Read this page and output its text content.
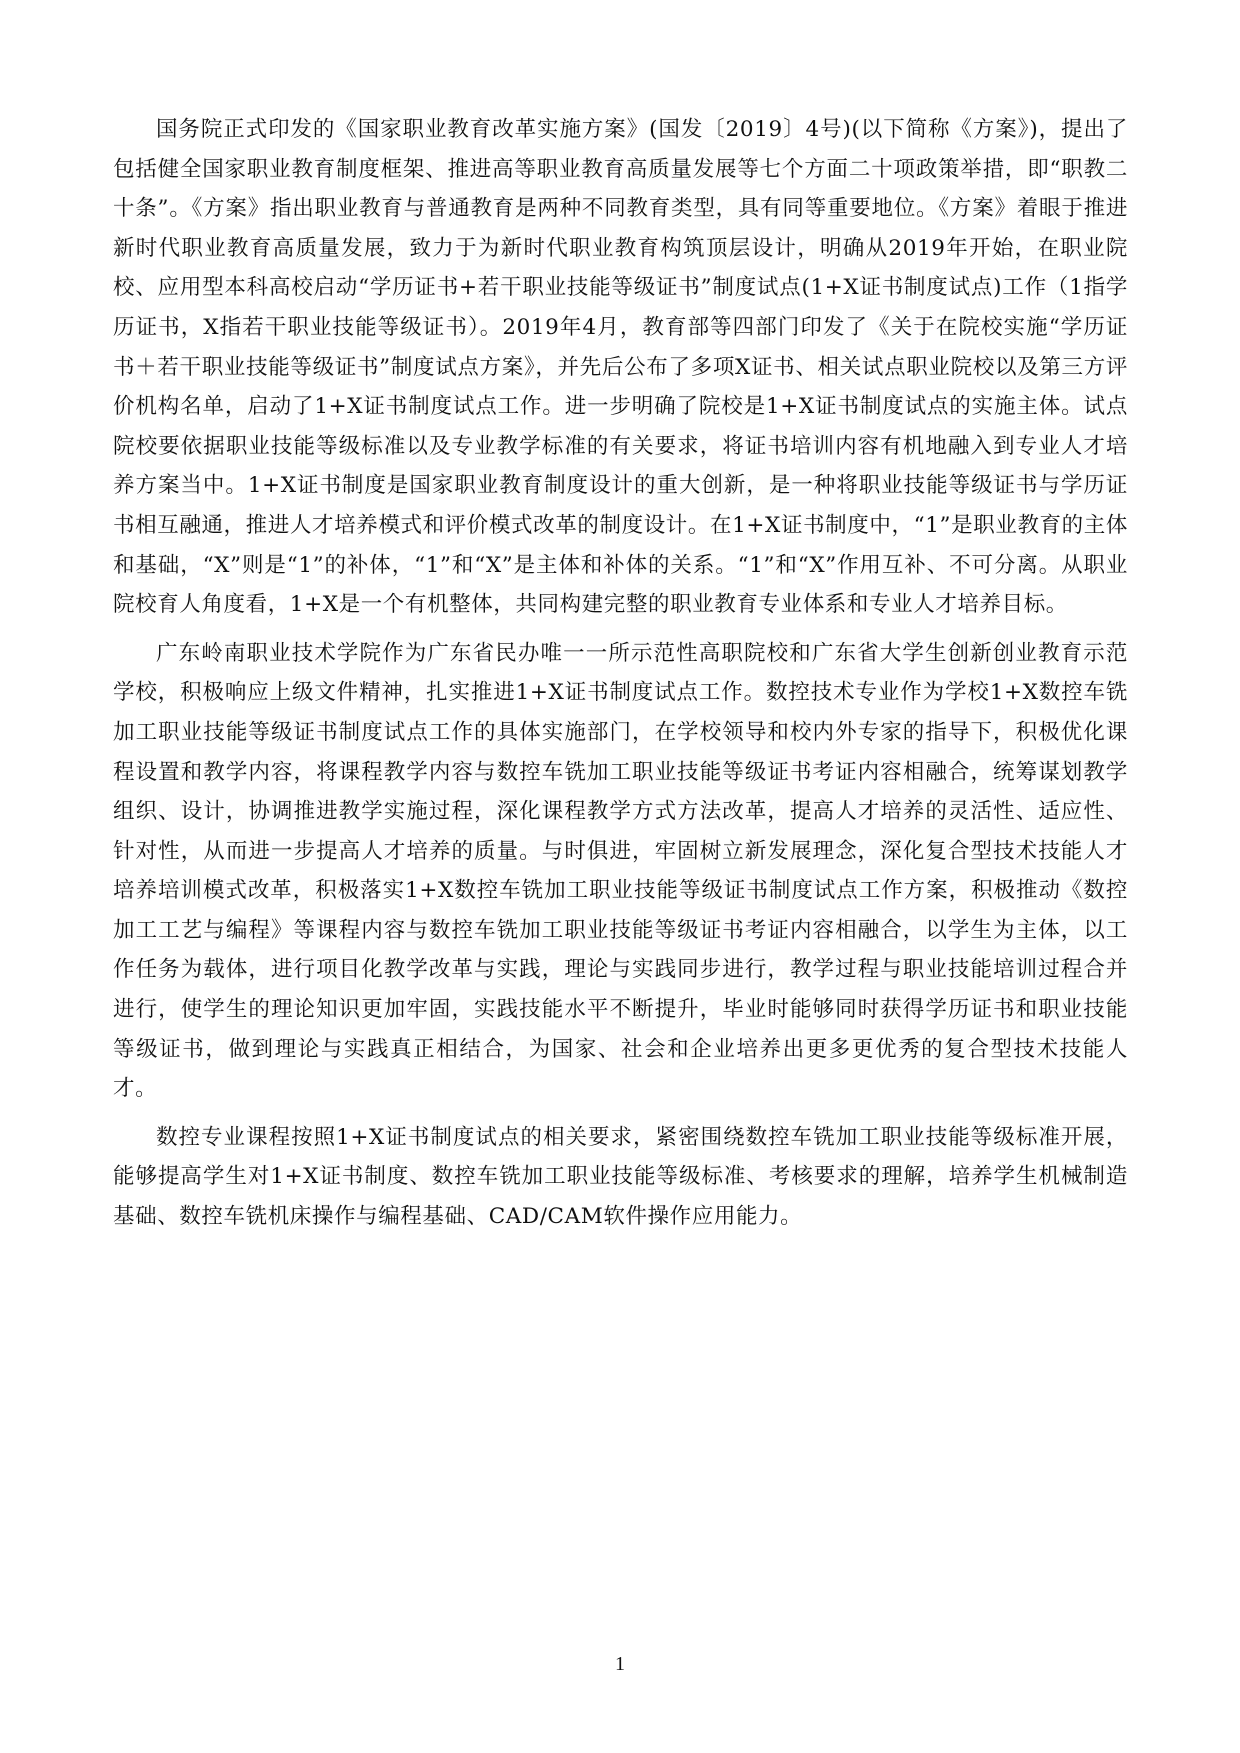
国务院正式印发的《国家职业教育改革实施方案》(国发〔2019〕4号)(以下简称《方案》)，提出了包括健全国家职业教育制度框架、推进高等职业教育高质量发展等七个方面二十项政策举措，即“职教二十条”。《方案》指出职业教育与普通教育是两种不同教育类型，具有同等重要地位。《方案》着眼于推进新时代职业教育高质量发展，致力于为新时代职业教育构筑顶层设计，明确从2019年开始，在职业院校、应用型本科高校启动“学历证书+若干职业技能等级证书”制度试点(1+X证书制度试点)工作（1指学历证书，X指若干职业技能等级证书）。2019年4月，教育部等四部门印发了《关于在院校实施“学历证书＋若干职业技能等级证书”制度试点方案》，并先后公布了多项X证书、相关试点职业院校以及第三方评价机构名单，启动了1+X证书制度试点工作。进一步明确了院校是1+X证书制度试点的实施主体。试点院校要依据职业技能等级标准以及专业教学标准的有关要求，将证书培训内容有机地融入到专业人才培养方案当中。1+X证书制度是国家职业教育制度设计的重大创新，是一种将职业技能等级证书与学历证书相互融通，推进人才培养模式和评价模式改革的制度设计。在1+X证书制度中，“1”是职业教育的主体和基础，“X”则是“1”的补体，“1”和“X”是主体和补体的关系。“1”和“X”作用互补、不可分离。从职业院校育人角度看，1+X是一个有机整体，共同构建完整的职业教育专业体系和专业人才培养目标。

广东岭南职业技术学院作为广东省民办唯一一所示范性高职院校和广东省大学生创新创业教育示范学校，积极响应上级文件精神，扎实推进1+X证书制度试点工作。数控技术专业作为学校1+X数控车铣加工职业技能等级证书制度试点工作的具体实施部门，在学校领导和校内外专家的指导下，积极优化课程设置和教学内容，将课程教学内容与数控车铣加工职业技能等级证书考证内容相融合，统筹谋划教学组织、设计，协调推进教学实施过程，深化课程教学方式方法改革，提高人才培养的灵活性、适应性、针对性，从而进一步提高人才培养的质量。与时俱进，牢固树立新发展理念，深化复合型技术技能人才培养培训模式改革，积极落实1+X数控车铣加工职业技能等级证书制度试点工作方案，积极推动《数控加工工艺与编程》等课程内容与数控车铣加工职业技能等级证书考证内容相融合，以学生为主体，以工作任务为载体，进行项目化教学改革与实践，理论与实践同步进行，教学过程与职业技能培训过程合并进行，使学生的理论知识更加牢固，实践技能水平不断提升，毕业时能够同时获得学历证书和职业技能等级证书，做到理论与实践真正相结合，为国家、社会和企业培养出更多更优秀的复合型技术技能人才。

数控专业课程按照1+X证书制度试点的相关要求，紧密围绕数控车铣加工职业技能等级标准开展，能够提高学生对1+X证书制度、数控车铣加工职业技能等级标准、考核要求的理解，培养学生机械制造基础、数控车铣机床操作与编程基础、CAD/CAM软件操作应用能力。

1
